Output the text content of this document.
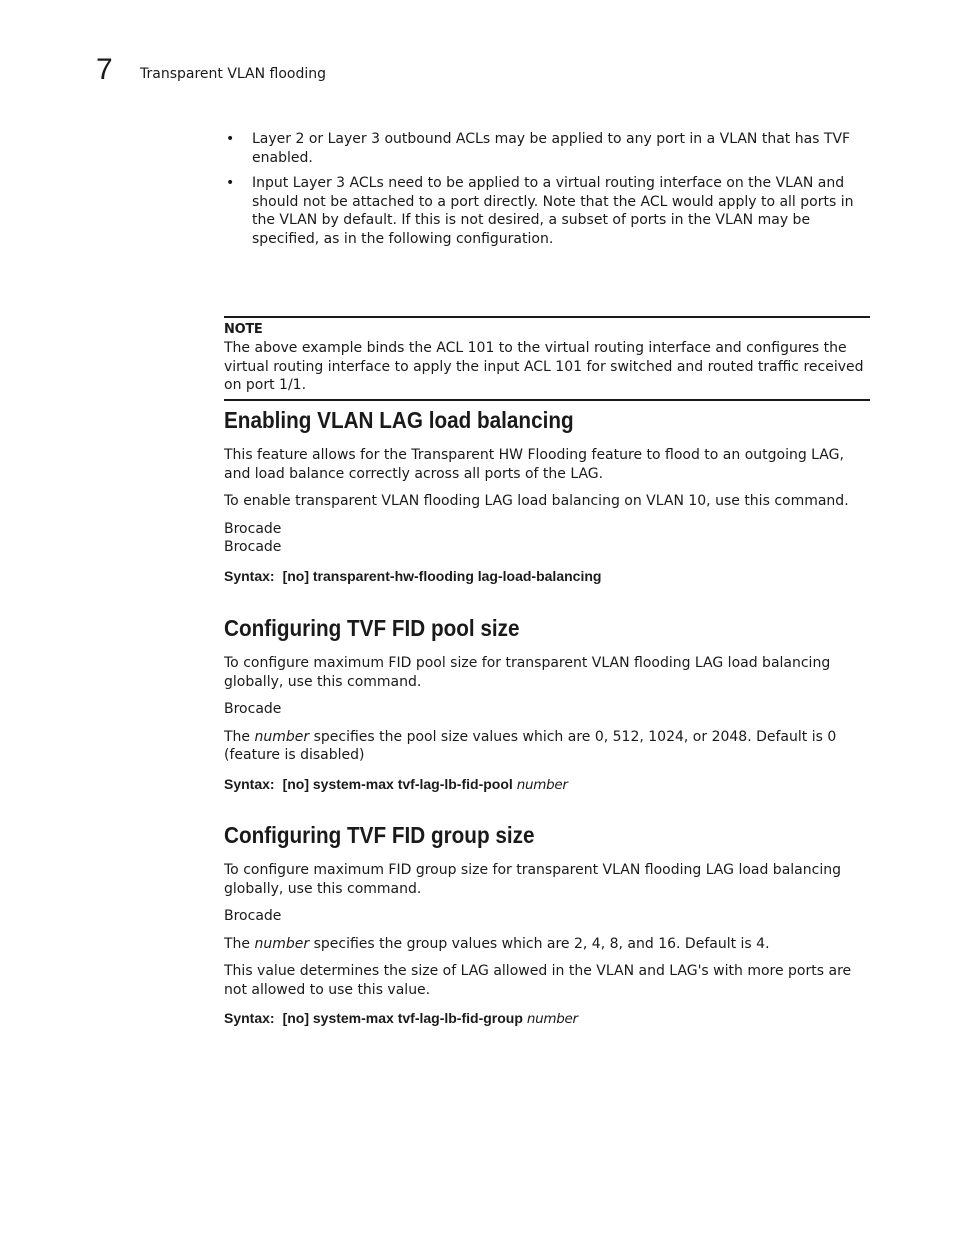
7 Transparent VLAN flooding
• Layer 2 or Layer 3 outbound ACLs may be applied to any port in a VLAN that has TVF enabled.
• Input Layer 3 ACLs need to be applied to a virtual routing interface on the VLAN and should not be attached to a port directly. Note that the ACL would apply to all ports in the VLAN by default. If this is not desired, a subset of ports in the VLAN may be specified, as in the following configuration.
NOTE

The above example binds the ACL 101 to the virtual routing interface and configures the virtual routing interface to apply the input ACL 101 for switched and routed traffic received on port 1/1.

Enabling VLAN LAG load balancing

This feature allows for the Transparent HW Flooding feature to flood to an outgoing LAG, and load balance correctly across all ports of the LAG.

To enable transparent VLAN flooding LAG load balancing on VLAN 10, use this command.

Brocade

Brocade

Syntax: [no] transparent-hw-flooding lag-load-balancing

Configuring TVF FID pool size

To configure maximum FID pool size for transparent VLAN flooding LAG load balancing globally, use this command.

Brocade

The number specifies the pool size values which are 0, 512, 1024, or 2048. Default is 0 (feature is disabled)

Syntax: [no] system-max tvf-lag-lb-fid-pool number

Configuring TVF FID group size

To configure maximum FID group size for transparent VLAN flooding LAG load balancing globally, use this command.

Brocade

The number specifies the group values which are 2, 4, 8, and 16. Default is 4.

This value determines the size of LAG allowed in the VLAN and LAG's with more ports are not allowed to use this value.

Syntax: [no] system-max tvf-lag-lb-fid-group number
